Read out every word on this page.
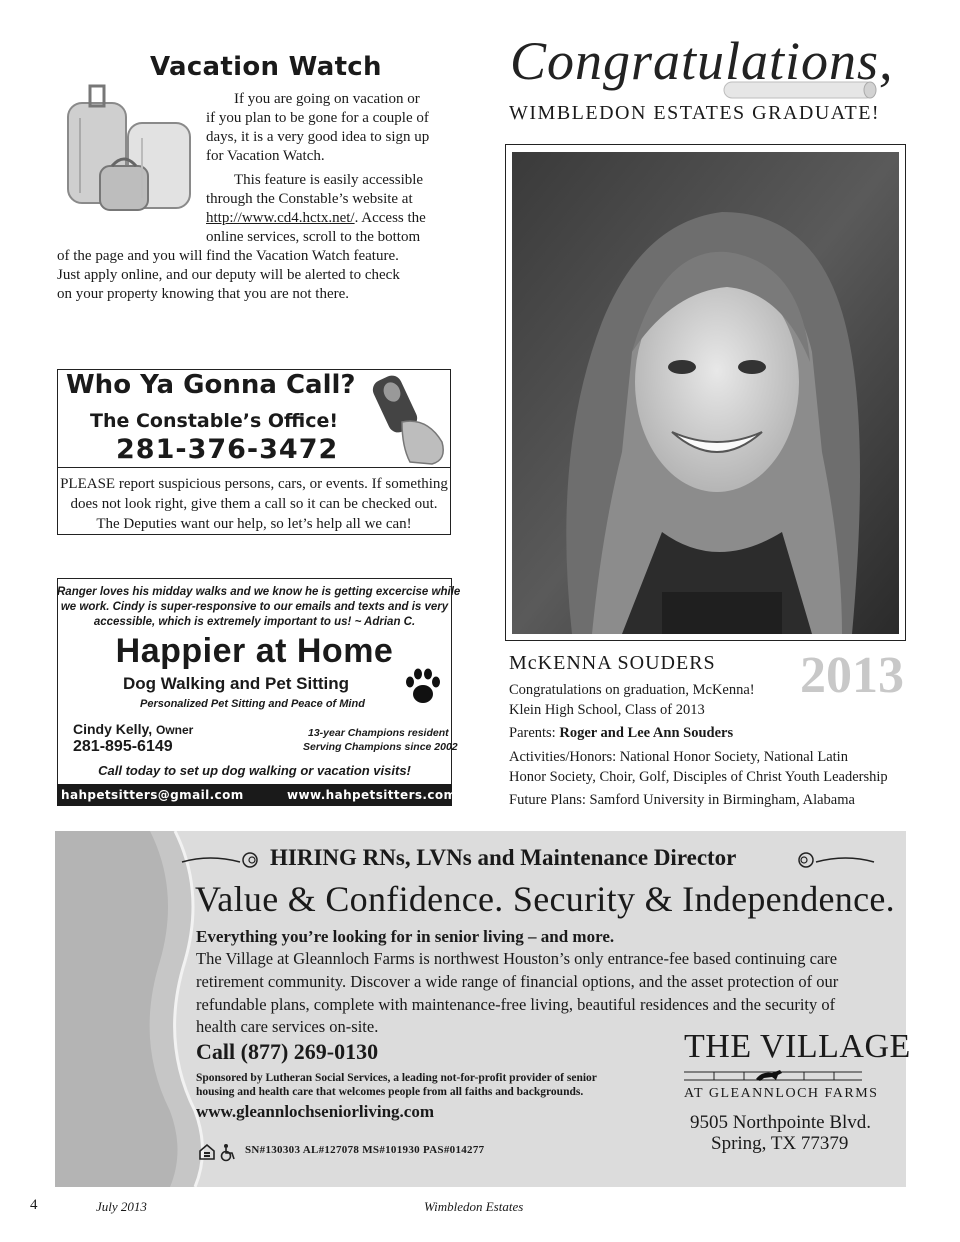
Vacation Watch
If you are going on vacation or
if you plan to be gone for a couple of
days, it is a very good idea to sign up
for Vacation Watch.
This feature is easily accessible
through the Constable’s website at
http://www.cd4.hctx.net/. Access the
online services, scroll to the bottom
of the page and you will find the Vacation Watch feature.
Just apply online, and our deputy will be alerted to check
on your property knowing that you are not there.
Who Ya Gonna Call?
The Constable’s Office!
281-376-3472
PLEASE report suspicious persons, cars, or events. If something
does not look right, give them a call so it can be checked out.
The Deputies want our help, so let’s help all we can!
Ranger loves his midday walks and we know he is getting excercise while
we work. Cindy is super-responsive to our emails and texts and is very
accessible, which is extremely important to us! ~ Adrian C.
Happier at Home
Dog Walking and Pet Sitting
Personalized Pet Sitting and Peace of Mind
Cindy Kelly, Owner
281-895-6149
13-year Champions resident
Serving Champions since 2002
Call today to set up dog walking or vacation visits!
hahpetsitters@gmail.com	www.hahpetsitters.com
Congratulations,
WIMBLEDON ESTATES GRADUATE!
McKENNA SOUDERS 2013
Congratulations on graduation, McKenna!
Klein High School, Class of 2013
Parents: Roger and Lee Ann Souders
Activities/Honors: National Honor Society, National Latin
Honor Society, Choir, Golf, Disciples of Christ Youth Leadership
Future Plans: Samford University in Birmingham, Alabama
HIRING RNs, LVNs and Maintenance Director
Value & Confidence. Security & Independence.
Everything you’re looking for in senior living – and more.
The Village at Gleannloch Farms is northwest Houston’s only entrance-fee based continuing care
retirement community. Discover a wide range of financial options, and the asset protection of our
refundable plans, complete with maintenance-free living, beautiful residences and the security of
health care services on-site.
Call (877) 269-0130
Sponsored by Lutheran Social Services, a leading not-for-profit provider of senior
housing and health care that welcomes people from all faiths and backgrounds.
www.gleannlochseniorliving.com
SN#130303 AL#127078 MS#101930 PAS#014277
THE VILLAGE
AT GLEANNLOCH FARMS
9505 Northpointe Blvd.
Spring, TX 77379
4	July 2013	Wimbledon Estates
